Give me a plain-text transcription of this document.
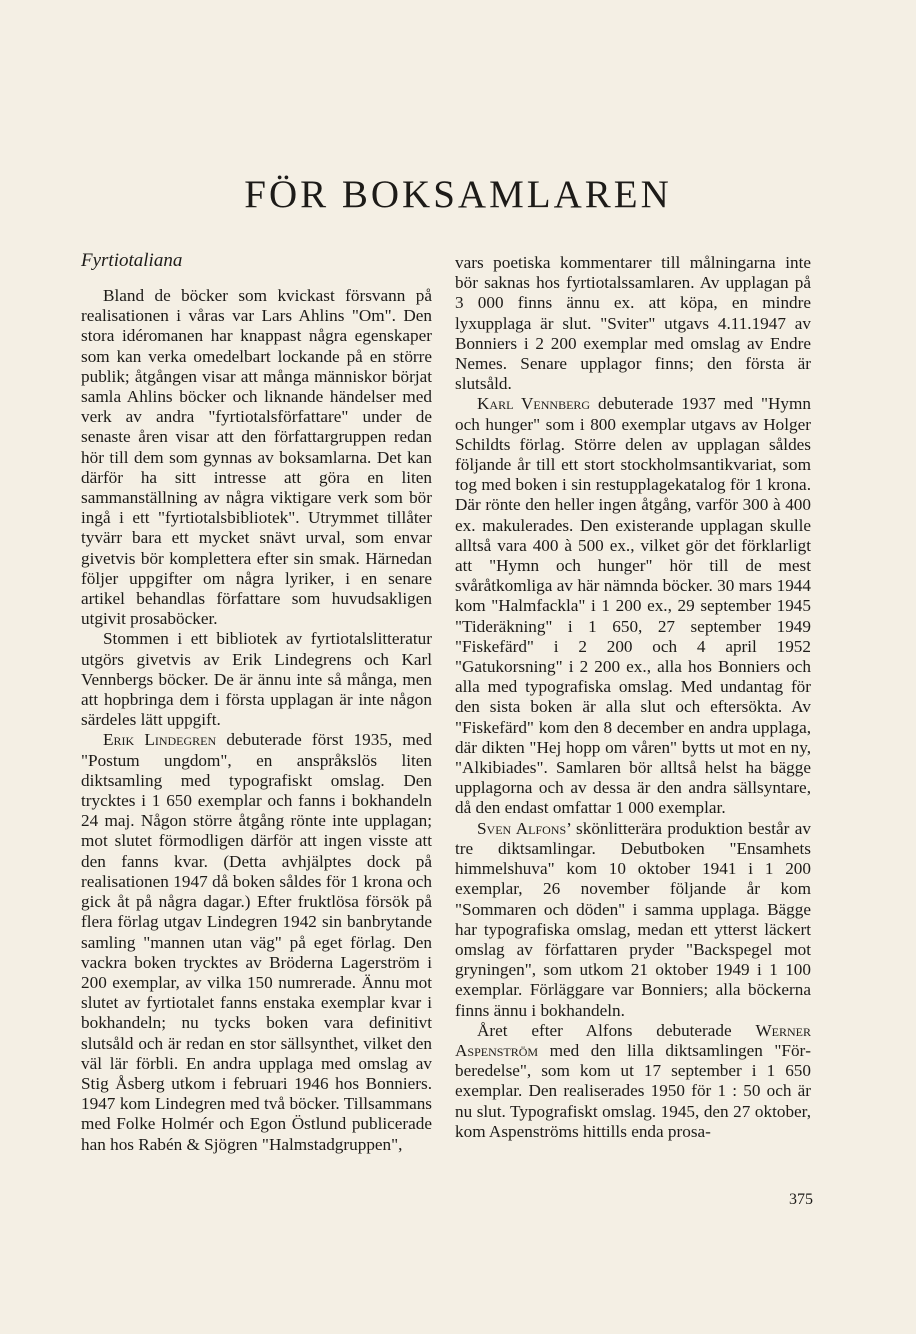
FÖR BOKSAMLAREN
Fyrtiotaliana

Bland de böcker som kvickast försvann på realisationen i våras var Lars Ahlins "Om". Den stora idéromanen har knappast några egenskaper som kan verka omedelbart lockande på en större publik; åtgången visar att många människor börjat samla Ahlins böcker och liknande händelser med verk av andra "fyrtiotalsförfattare" under de senaste åren visar att den författargruppen redan hör till dem som gynnas av boksamlarna. Det kan därför ha sitt intresse att göra en liten sammanställning av några viktigare verk som bör ingå i ett "fyrtiotalsbibliotek". Utrymmet tillåter tyvärr bara ett mycket snävt urval, som envar givetvis bör komplettera efter sin smak. Härnedan följer uppgifter om några lyriker, i en senare artikel behandlas författare som huvudsakligen utgivit prosaböcker.

Stommen i ett bibliotek av fyrtiotalslitteratur utgörs givetvis av Erik Lindegrens och Karl Vennbergs böcker. De är ännu inte så många, men att hopbringa dem i första upplagan är inte någon särdeles lätt uppgift.

Erik Lindegren debuterade först 1935, med "Postum ungdom", en anspråkslös liten diktsamling med typografiskt omslag. Den trycktes i 1 650 exemplar och fanns i bokhandeln 24 maj. Någon större åtgång rönte inte upplagan; mot slutet förmodligen därför att ingen visste att den fanns kvar. (Detta avhjälptes dock på realisationen 1947 då boken såldes för 1 krona och gick åt på några dagar.) Efter fruktlösa försök på flera förlag utgav Lindegren 1942 sin banbrytande samling "mannen utan väg" på eget förlag. Den vackra boken trycktes av Bröderna Lagerström i 200 exemplar, av vilka 150 numrerade. Ännu mot slutet av fyrtiotalet fanns enstaka exemplar kvar i bokhandeln; nu tycks boken vara definitivt slutsåld och är redan en stor sällsynthet, vilket den väl lär förbli. En andra upplaga med omslag av Stig Åsberg utkom i februari 1946 hos Bonniers. 1947 kom Lindegren med två böcker. Tillsammans med Folke Holmér och Egon Östlund publicerade han hos Rabén & Sjögren "Halmstadgruppen",

vars poetiska kommentarer till målningarna inte bör saknas hos fyrtiotalssamlaren. Av upplagan på 3 000 finns ännu ex. att köpa, en mindre lyxupplaga är slut. "Sviter" utgavs 4.11.1947 av Bonniers i 2 200 exemplar med omslag av Endre Nemes. Senare upplagor finns; den första är slutsåld.

Karl Vennberg debuterade 1937 med "Hymn och hunger" som i 800 exemplar utgavs av Holger Schildts förlag. Större delen av upplagan såldes följande år till ett stort stockholmsantikvariat, som tog med boken i sin restupplagekatalog för 1 krona. Där rönte den heller ingen åtgång, varför 300 à 400 ex. makulerades. Den existerande upplagan skulle alltså vara 400 à 500 ex., vilket gör det förklarligt att "Hymn och hunger" hör till de mest svåråtkomliga av här nämnda böcker. 30 mars 1944 kom "Halmfackla" i 1 200 ex., 29 september 1945 "Tideräkning" i 1 650, 27 september 1949 "Fiskefärd" i 2 200 och 4 april 1952 "Gatukorsning" i 2 200 ex., alla hos Bonniers och alla med typografiska omslag. Med undantag för den sista boken är alla slut och eftersökta. Av "Fiskefärd" kom den 8 december en andra upplaga, där dikten "Hej hopp om våren" bytts ut mot en ny, "Alkibiades". Samlaren bör alltså helst ha bägge upplagorna och av dessa är den andra sällsyntare, då den endast omfattar 1 000 exemplar.

Sven Alfons’ skönlitterära produktion består av tre diktsamlingar. Debutboken "Ensamhets himmelshuva" kom 10 oktober 1941 i 1 200 exemplar, 26 november följande år kom "Sommaren och döden" i samma upplaga. Bägge har typografiska omslag, medan ett ytterst läckert omslag av författaren pryder "Backspegel mot gryningen", som utkom 21 oktober 1949 i 1 100 exemplar. Förläggare var Bonniers; alla böckerna finns ännu i bokhandeln.

Året efter Alfons debuterade Werner Aspenström med den lilla diktsamlingen "Förberedelse", som kom ut 17 september i 1 650 exemplar. Den realiserades 1950 för 1 : 50 och är nu slut. Typografiskt omslag. 1945, den 27 oktober, kom Aspenströms hittills enda prosa-

375
